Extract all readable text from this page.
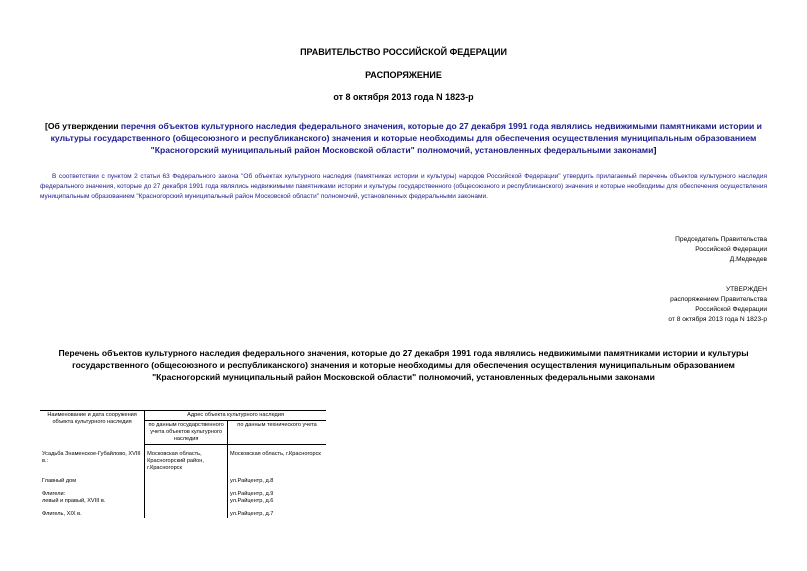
ПРАВИТЕЛЬСТВО РОССИЙСКОЙ ФЕДЕРАЦИИ
РАСПОРЯЖЕНИЕ
от 8 октября 2013 года N 1823-р
[Об утверждении перечня объектов культурного наследия федерального значения, которые до 27 декабря 1991 года являлись недвижимыми памятниками истории и культуры государственного (общесоюзного и республиканского) значения и которые необходимы для обеспечения осуществления муниципальным образованием "Красногорский муниципальный район Московской области" полномочий, установленных федеральными законами]
В соответствии с пунктом 2 статьи 63 Федерального закона "Об объектах культурного наследия (памятниках истории и культуры) народов Российской Федерации" утвердить прилагаемый перечень объектов культурного наследия федерального значения, которые до 27 декабря 1991 года являлись недвижимыми памятниками истории и культуры государственного (общесоюзного и республиканского) значения и которые необходимы для обеспечения осуществления муниципальным образованием "Красногорский муниципальный район Московской области" полномочий, установленных федеральными законами.
Председатель Правительства
Российской Федерации
Д.Медведев
УТВЕРЖДЕН
распоряжением Правительства
Российской Федерации
от 8 октября 2013 года N 1823-р
Перечень объектов культурного наследия федерального значения, которые до 27 декабря 1991 года являлись недвижимыми памятниками истории и культуры государственного (общесоюзного и республиканского) значения и которые необходимы для обеспечения осуществления муниципальным образованием "Красногорский муниципальный район Московской области" полномочий, установленных федеральными законами
Наименование и дата сооружения объекта культурного наследия	Адрес объекта культурного наследия	
	по данным государственного учета объектов культурного наследия	по данным технического учета

Усадьба Знаменское-Губайлово, XVIII в.:	Московская область, Красногорский район, г.Красногорск	Московская область, г.Красногорск

Главный дом		ул.Райцентр, д.8

Флигели:		ул.Райцентр, д.9
левый и правый, XVIII в.		ул.Райцентр, д.6

Флигель, XIX в.		ул.Райцентр, д.7
